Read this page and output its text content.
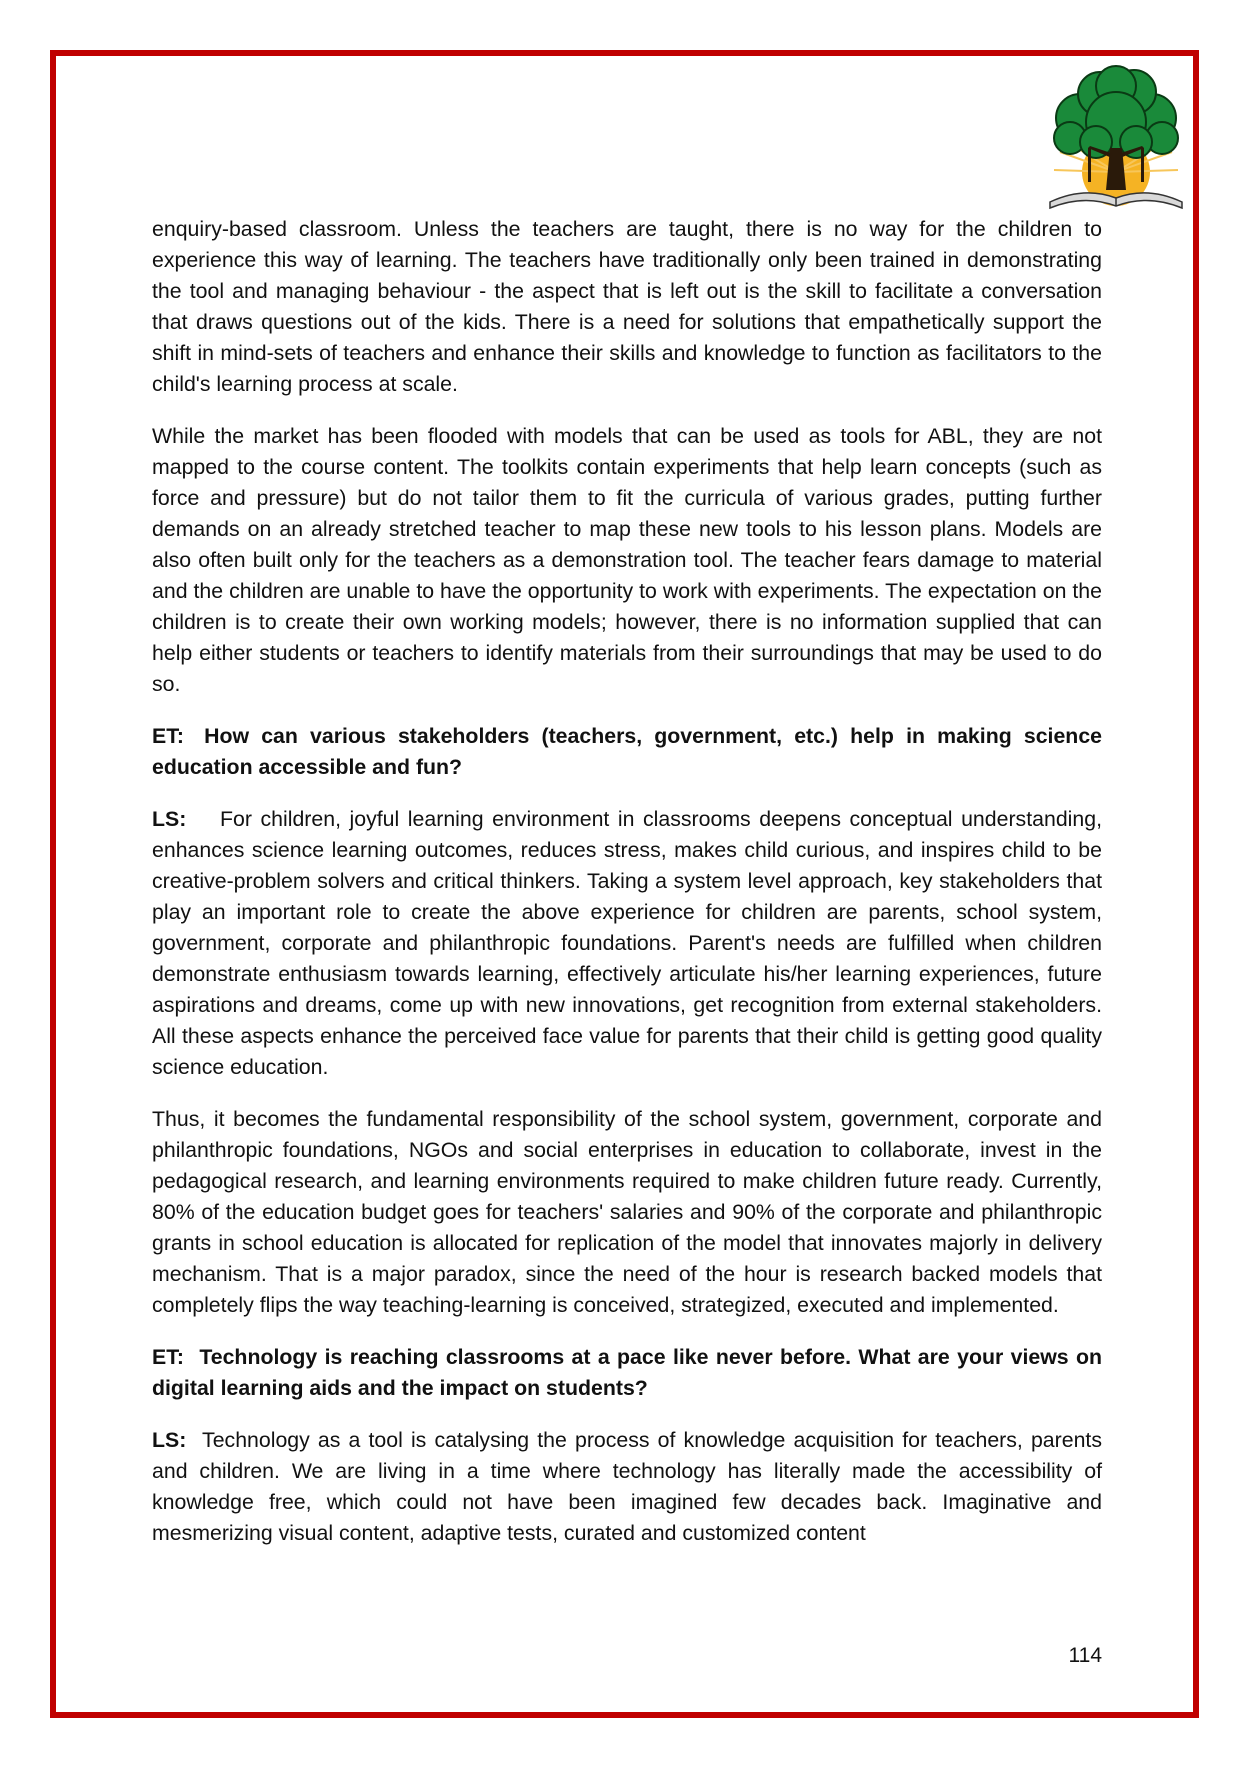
enquiry-based classroom. Unless the teachers are taught, there is no way for the children to experience this way of learning. The teachers have traditionally only been trained in demonstrating the tool and managing behaviour - the aspect that is left out is the skill to facilitate a conversation that draws questions out of the kids. There is a need for solutions that empathetically support the shift in mind-sets of teachers and enhance their skills and knowledge to function as facilitators to the child's learning process at scale.

While the market has been flooded with models that can be used as tools for ABL, they are not mapped to the course content. The toolkits contain experiments that help learn concepts (such as force and pressure) but do not tailor them to fit the curricula of various grades, putting further demands on an already stretched teacher to map these new tools to his lesson plans. Models are also often built only for the teachers as a demonstration tool. The teacher fears damage to material and the children are unable to have the opportunity to work with experiments. The expectation on the children is to create their own working models; however, there is no information supplied that can help either students or teachers to identify materials from their surroundings that may be used to do so.

ET: How can various stakeholders (teachers, government, etc.) help in making science education accessible and fun?

LS: For children, joyful learning environment in classrooms deepens conceptual understanding, enhances science learning outcomes, reduces stress, makes child curious, and inspires child to be creative-problem solvers and critical thinkers. Taking a system level approach, key stakeholders that play an important role to create the above experience for children are parents, school system, government, corporate and philanthropic foundations. Parent's needs are fulfilled when children demonstrate enthusiasm towards learning, effectively articulate his/her learning experiences, future aspirations and dreams, come up with new innovations, get recognition from external stakeholders. All these aspects enhance the perceived face value for parents that their child is getting good quality science education.

Thus, it becomes the fundamental responsibility of the school system, government, corporate and philanthropic foundations, NGOs and social enterprises in education to collaborate, invest in the pedagogical research, and learning environments required to make children future ready. Currently, 80% of the education budget goes for teachers' salaries and 90% of the corporate and philanthropic grants in school education is allocated for replication of the model that innovates majorly in delivery mechanism. That is a major paradox, since the need of the hour is research backed models that completely flips the way teaching-learning is conceived, strategized, executed and implemented.

ET: Technology is reaching classrooms at a pace like never before. What are your views on digital learning aids and the impact on students?

LS: Technology as a tool is catalysing the process of knowledge acquisition for teachers, parents and children. We are living in a time where technology has literally made the accessibility of knowledge free, which could not have been imagined few decades back. Imaginative and mesmerizing visual content, adaptive tests, curated and customized content

114
